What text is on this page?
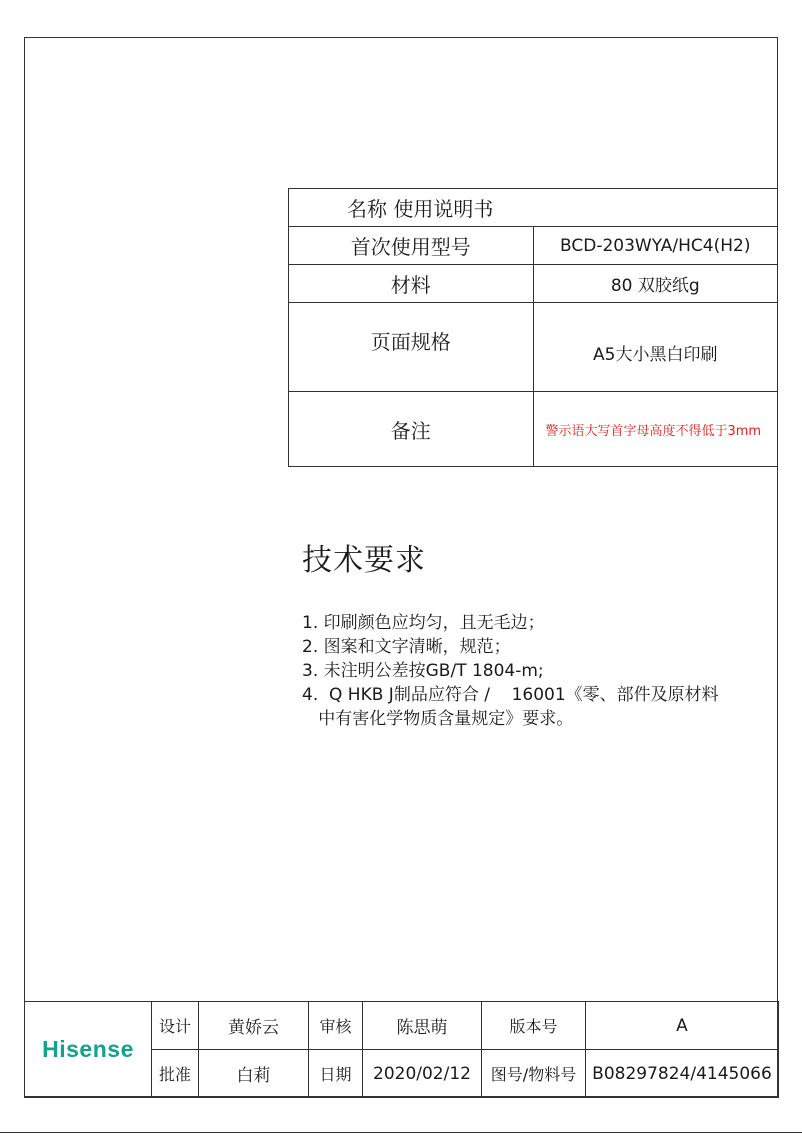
名称 使用说明书	
首次使用型号	BCD-203WYA/HC4(H2)
材料	80 双胶纸g
页面规格	A5大小黑白印刷
备注	警示语大写首字母高度不得低于3mm
技术要求
1. 印刷颜色应均匀，且无毛边；
2. 图案和文字清晰，规范；
3. 未注明公差按GB/T 1804-m;
4.  Q HKB J制品应符合 /    16001《零、部件及原材料
中有害化学物质含量规定》要求。
Hisense	设计	黄娇云	审核	陈思萌	版本号	A
	批准	白莉	日期	2020/02/12	图号/物料号	B08297824/4145066
